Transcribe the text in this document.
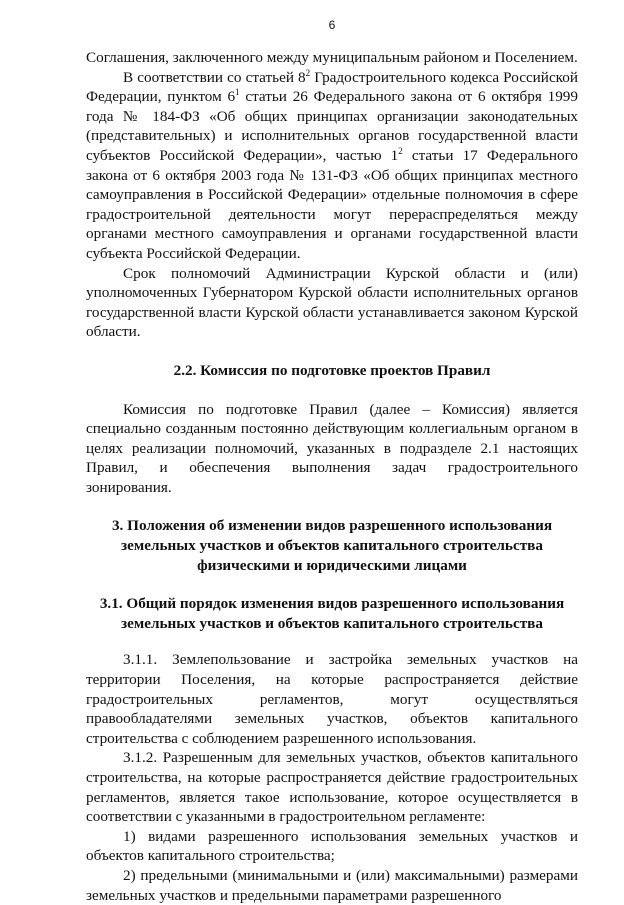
6

Соглашения, заключенного между муниципальным районом и Поселением.

В соответствии со статьей $8^2$ Градостроительного кодекса Российской Федерации, пунктом $6^1$ статьи 26 Федерального закона от 6 октября 1999 года № 184-ФЗ «Об общих принципах организации законодательных (представительных) и исполнительных органов государственной власти субъектов Российской Федерации», частью $1^2$ статьи 17 Федерального закона от 6 октября 2003 года № 131-ФЗ «Об общих принципах местного самоуправления в Российской Федерации» отдельные полномочия в сфере градостроительной деятельности могут перераспределяться между органами местного самоуправления и органами государственной власти субъекта Российской Федерации.

Срок полномочий Администрации Курской области и (или) уполномоченных Губернатором Курской области исполнительных органов государственной власти Курской области устанавливается законом Курской области.

2.2. Комиссия по подготовке проектов Правил

Комиссия по подготовке Правил (далее – Комиссия) является специально созданным постоянно действующим коллегиальным органом в целях реализации полномочий, указанных в подразделе 2.1 настоящих Правил, и обеспечения выполнения задач градостроительного зонирования.

3. Положения об изменении видов разрешенного использования земельных участков и объектов капитального строительства физическими и юридическими лицами
3.1. Общий порядок изменения видов разрешенного использования земельных участков и объектов капитального строительства

3.1.1. Землепользование и застройка земельных участков на территории Поселения, на которые распространяется действие градостроительных регламентов, могут осуществляться правообладателями земельных участков, объектов капитального строительства с соблюдением разрешенного использования.

3.1.2. Разрешенным для земельных участков, объектов капитального строительства, на которые распространяется действие градостроительных регламентов, является такое использование, которое осуществляется в соответствии с указанными в градостроительном регламенте:

1) видами разрешенного использования земельных участков и объектов капитального строительства;

2) предельными (минимальными и (или) максимальными) размерами земельных участков и предельными параметрами разрешенного
